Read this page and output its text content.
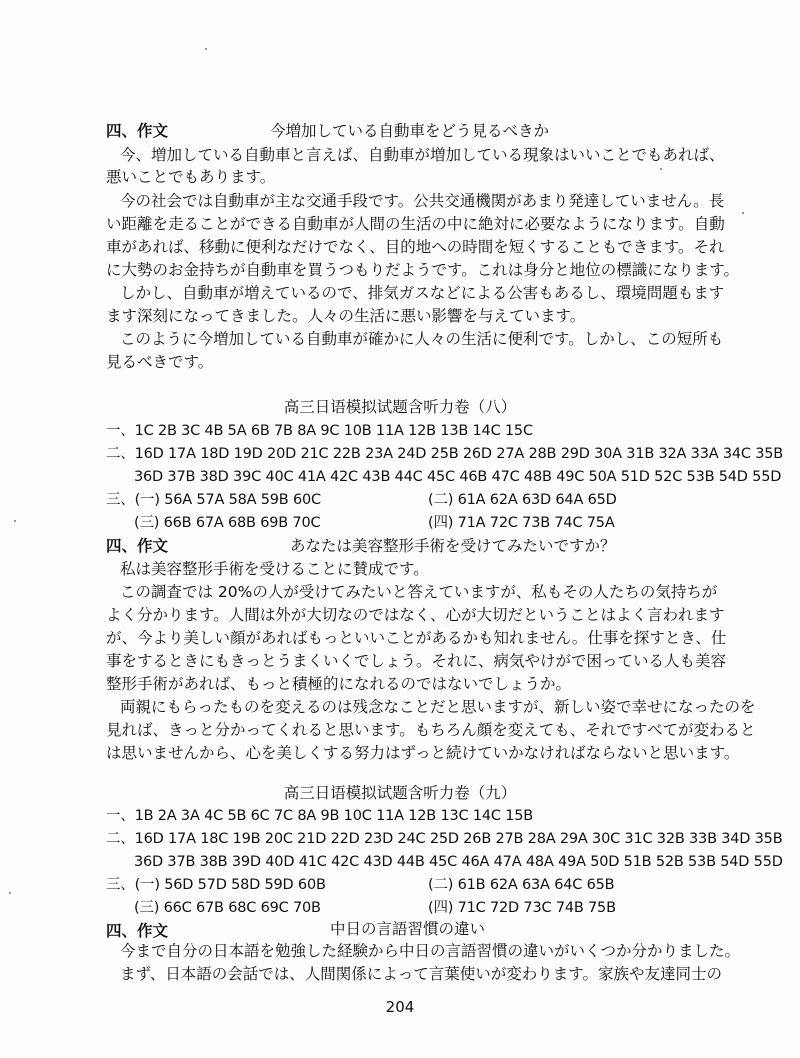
四、作文	今増加している自動車をどう見るべきか
今、増加している自動車と言えば、自動車が増加している現象はいいことでもあれば、
悪いことでもあります。
今の社会では自動車が主な交通手段です。公共交通機関があまり発達していません。長
い距離を走ることができる自動車が人間の生活の中に絶対に必要なようになります。自動
車があれば、移動に便利なだけでなく、目的地への時間を短くすることもできます。それ
に大勢のお金持ちが自動車を買うつもりだようです。これは身分と地位の標識になります。
しかし、自動車が増えているので、排気ガスなどによる公害もあるし、環境問題もます
ます深刻になってきました。人々の生活に悪い影響を与えています。
このように今増加している自動車が確かに人々の生活に便利です。しかし、この短所も
見るべきです。
高三日语模拟试题含听力卷（八）
一、1C 2B 3C 4B 5A 6B 7B 8A 9C 10B 11A 12B 13B 14C 15C
二、16D 17A 18D 19D 20D 21C 22B 23A 24D 25B 26D 27A 28B 29D 30A 31B 32A 33A 34C 35B
36D 37B 38D 39C 40C 41A 42C 43B 44C 45C 46B 47C 48B 49C 50A 51D 52C 53B 54D 55D
三、(一) 56A 57A 58A 59B 60C	(二) 61A 62A 63D 64A 65D
(三) 66B 67A 68B 69B 70C	(四) 71A 72C 73B 74C 75A
四、作文	あなたは美容整形手術を受けてみたいですか？
私は美容整形手術を受けることに賛成です。
この調査では 20%の人が受けてみたいと答えていますが、私もその人たちの気持ちが
よく分かります。人間は外が大切なのではなく、心が大切だということはよく言われます
が、今より美しい顔があればもっといいことがあるかも知れません。仕事を探すとき、仕
事をするときにもきっとうまくいくでしょう。それに、病気やけがで困っている人も美容
整形手術があれば、もっと積極的になれるのではないでしょうか。
両親にもらったものを変えるのは残念なことだと思いますが、新しい姿で幸せになったのを
見れば、きっと分かってくれると思います。もちろん顔を変えても、それですべてが変わると
は思いませんから、心を美しくする努力はずっと続けていかなければならないと思います。
高三日语模拟试题含听力卷（九）
一、1B 2A 3A 4C 5B 6C 7C 8A 9B 10C 11A 12B 13C 14C 15B
二、16D 17A 18C 19B 20C 21D 22D 23D 24C 25D 26B 27B 28A 29A 30C 31C 32B 33B 34D 35B
36D 37B 38B 39D 40D 41C 42C 43D 44B 45C 46A 47A 48A 49A 50D 51B 52B 53B 54D 55D
三、(一) 56D 57D 58D 59D 60B	(二) 61B 62A 63A 64C 65B
(三) 66C 67B 68C 69C 70B	(四) 71C 72D 73C 74B 75B
四、作文	中日の言語習慣の違い
今まで自分の日本語を勉強した経験から中日の言語習慣の違いがいくつか分かりました。
まず、日本語の会話では、人間関係によって言葉使いが変わります。家族や友達同士の
204
